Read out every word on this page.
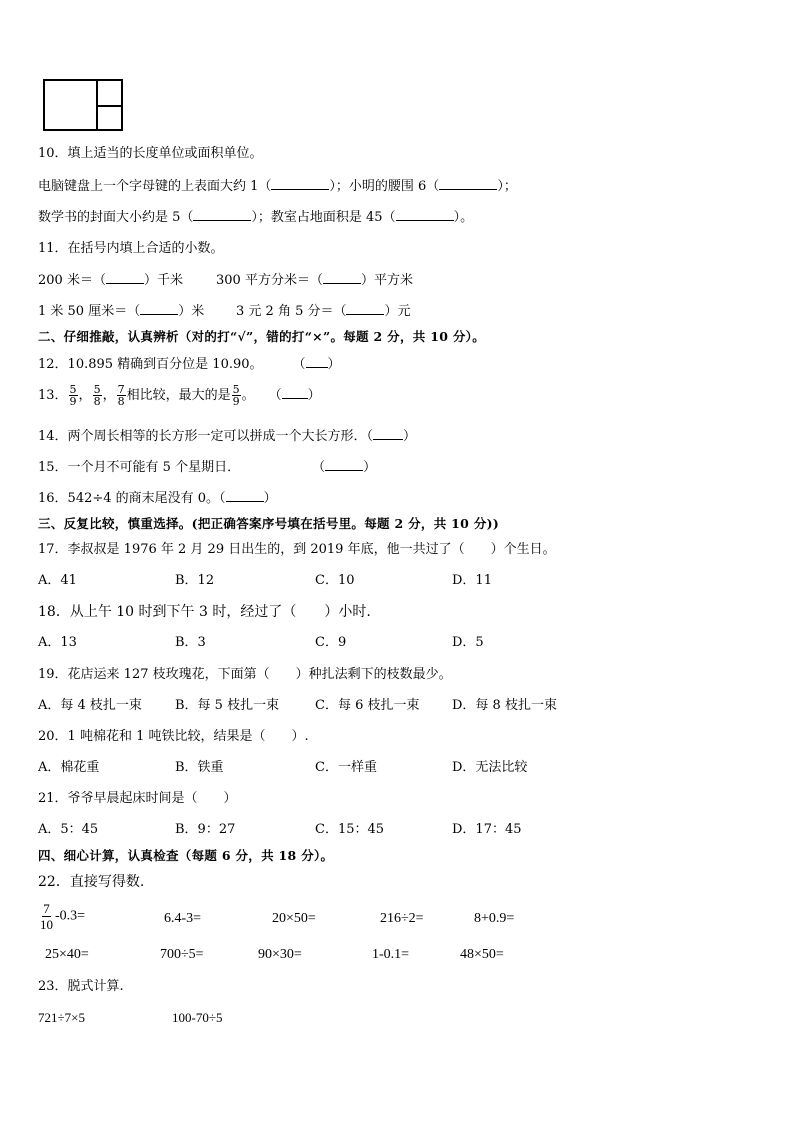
10．填上适当的长度单位或面积单位。
电脑键盘上一个字母键的上表面大约 1（	）；小明的腰围 6（	）；
数学书的封面大小约是 5（	）；教室占地面积是 45（	）。
11．在括号内填上合适的小数。
200 米＝（	）千米	300 平方分米＝（	）平方米
1 米 50 厘米＝（	）米 3 元 2 角 5 分＝（	）元
二、仔细推敲，认真辨析（对的打“√”，错的打“×”。每题 2 分，共 10 分）。
12．10.895 精确到百分位是 10.90。 （ ）
13． $\frac{5}{9}$ ， $\frac{5}{8}$ ， $\frac{7}{8}$ 相比较，最大的是 $\frac{5}{9}$ 。 （ ）
14．两个周长相等的长方形一定可以拼成一个大长方形．（ ）
15．一个月不可能有 5 个星期日．	（	）
16．542÷4 的商末尾没有 0。（	）
三、反复比较，慎重选择。(把正确答案序号填在括号里。每题 2 分，共 10 分))
17．李叔叔是 1976 年 2 月 29 日出生的，到 2019 年底，他一共过了（　　）个生日。
A．41	B．12	C．10	D．11
18．从上午 10 时到下午 3 时，经过了（　　）小时.
A．13	B．3	C．9	D．5
19．花店运来 127 枝玫瑰花，下面第（　　）种扎法剩下的枝数最少。
A．每 4 枝扎一束	B．每 5 枝扎一束	C．每 6 枝扎一束	D．每 8 枝扎一束
20．1 吨棉花和 1 吨铁比较，结果是（　　）.
A．棉花重	B．铁重	C．一样重	D．无法比较
21．爷爷早晨起床时间是（　　）
A．5：45	B．9：27	C．15：45	D．17：45
四、细心计算，认真检查（每题 6 分，共 18 分）。
22．直接写得数.
$\frac{7}{10} -0.3=$	6.4-3=	20×50=	216÷2=	8+0.9=
25×40=	700÷5=	90×30=	1-0.1=	48×50=
23．脱式计算.
721÷7×5	100-70÷5
